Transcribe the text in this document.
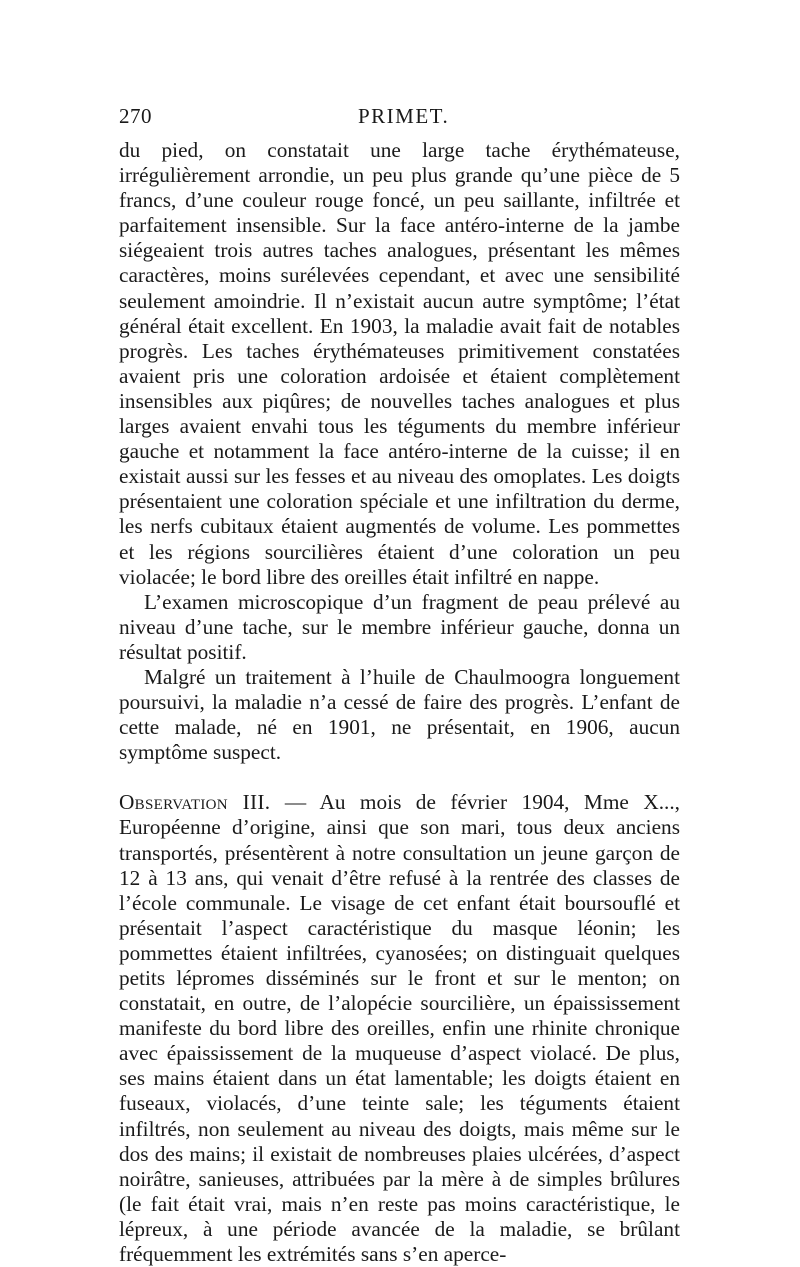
270	PRIMET.

du pied, on constatait une large tache érythémateuse, irrégulièrement arrondie, un peu plus grande qu’une pièce de 5 francs, d’une couleur rouge foncé, un peu saillante, infiltrée et parfaitement insensible. Sur la face antéro-interne de la jambe siégeaient trois autres taches analogues, présentant les mêmes caractères, moins surélevées cependant, et avec une sensibilité seulement amoindrie. Il n’existait aucun autre symptôme; l’état général était excellent. En 1903, la maladie avait fait de notables progrès. Les taches érythémateuses primitivement constatées avaient pris une coloration ardoisée et étaient complètement insensibles aux piqûres; de nouvelles taches analogues et plus larges avaient envahi tous les téguments du membre inférieur gauche et notamment la face antéro-interne de la cuisse; il en existait aussi sur les fesses et au niveau des omoplates. Les doigts présentaient une coloration spéciale et une infiltration du derme, les nerfs cubitaux étaient augmentés de volume. Les pommettes et les régions sourcilières étaient d’une coloration un peu violacée; le bord libre des oreilles était infiltré en nappe.

L’examen microscopique d’un fragment de peau prélevé au niveau d’une tache, sur le membre inférieur gauche, donna un résultat positif.

Malgré un traitement à l’huile de Chaulmoogra longuement poursuivi, la maladie n’a cessé de faire des progrès. L’enfant de cette malade, né en 1901, ne présentait, en 1906, aucun symptôme suspect.

Observation III. — Au mois de février 1904, Mme X..., Européenne d’origine, ainsi que son mari, tous deux anciens transportés, présentèrent à notre consultation un jeune garçon de 12 à 13 ans, qui venait d’être refusé à la rentrée des classes de l’école communale. Le visage de cet enfant était boursouflé et présentait l’aspect caractéristique du masque léonin; les pommettes étaient infiltrées, cyanosées; on distinguait quelques petits lépromes disséminés sur le front et sur le menton; on constatait, en outre, de l’alopécie sourcilière, un épaississement manifeste du bord libre des oreilles, enfin une rhinite chronique avec épaississement de la muqueuse d’aspect violacé. De plus, ses mains étaient dans un état lamentable; les doigts étaient en fuseaux, violacés, d’une teinte sale; les téguments étaient infiltrés, non seulement au niveau des doigts, mais même sur le dos des mains; il existait de nombreuses plaies ulcérées, d’aspect noirâtre, sanieuses, attribuées par la mère à de simples brûlures (le fait était vrai, mais n’en reste pas moins caractéristique, le lépreux, à une période avancée de la maladie, se brûlant fréquemment les extrémités sans s’en aperce-
